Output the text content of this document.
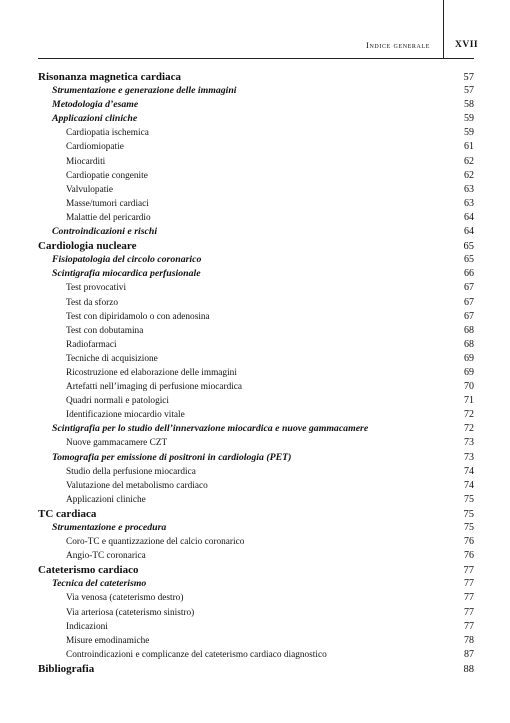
Indice generale	XVII
Risonanza magnetica cardiaca	57
Strumentazione e generazione delle immagini	57
Metodologia d’esame	58
Applicazioni cliniche	59
Cardiopatia ischemica	59
Cardiomiopatie	61
Miocarditi	62
Cardiopatie congenite	62
Valvulopatie	63
Masse/tumori cardiaci	63
Malattie del pericardio	64
Controindicazioni e rischi	64
Cardiologia nucleare	65
Fisiopatologia del circolo coronarico	65
Scintigrafia miocardica perfusionale	66
Test provocativi	67
Test da sforzo	67
Test con dipiridamolo o con adenosina	67
Test con dobutamina	68
Radiofarmaci	68
Tecniche di acquisizione	69
Ricostruzione ed elaborazione delle immagini	69
Artefatti nell’imaging di perfusione miocardica	70
Quadri normali e patologici	71
Identificazione miocardio vitale	72
Scintigrafia per lo studio dell’innervazione miocardica e nuove gammacamere	72
Nuove gammacamere CZT	73
Tomografia per emissione di positroni in cardiologia (PET)	73
Studio della perfusione miocardica	74
Valutazione del metabolismo cardiaco	74
Applicazioni cliniche	75
TC cardiaca	75
Strumentazione e procedura	75
Coro-TC e quantizzazione del calcio coronarico	76
Angio-TC coronarica	76
Cateterismo cardiaco	77
Tecnica del cateterismo	77
Via venosa (cateterismo destro)	77
Via arteriosa (cateterismo sinistro)	77
Indicazioni	77
Misure emodinamiche	78
Controindicazioni e complicanze del cateterismo cardiaco diagnostico	87
Bibliografia	88
